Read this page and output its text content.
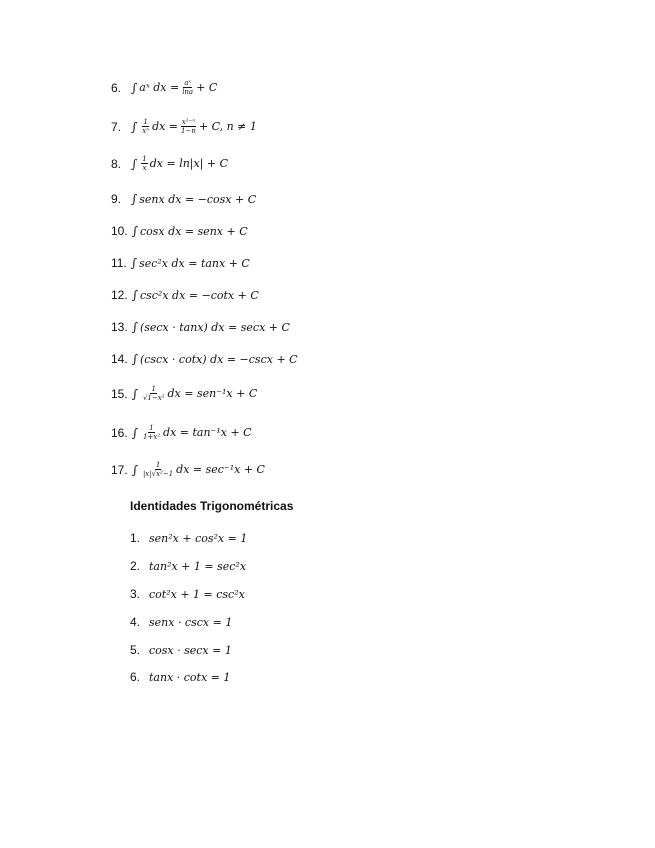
6. ∫ aˣ dx = $\frac{\text{aˣ}}{\ln a} + C$
7. ∫ $\frac{1}{\text{xⁿ}}$ dx = $\frac{\text{x¹⁻ⁿ}}{1-n} + C$, n ≠ 1
8. ∫ $\frac{1}{x}$ dx = ln|x| + C
9. ∫ senx dx = −cosx + C
10. ∫ cosx dx = senx + C
11. ∫ sec²x dx = tanx + C
12. ∫ csc²x dx = −cotx + C
13. ∫ (secx · tanx) dx = secx + C
14. ∫ (cscx · cotx) dx = −cscx + C
15. ∫ $\frac{1}{\text{√1−x²}}$ dx = sen⁻¹x + C
16. ∫ $\frac{1}{\text{1+x²}}$ dx = tan⁻¹x + C
17. ∫ $\frac{1}{\text{|x|√x²−1}}$ dx = sec⁻¹x + C
Identidades Trigonométricas
1. sen²x + cos²x = 1
2. tan²x + 1 = sec²x
3. cot²x + 1 = csc²x
4. senx · cscx = 1
5. cosx · secx = 1
6. tanx · cotx = 1
